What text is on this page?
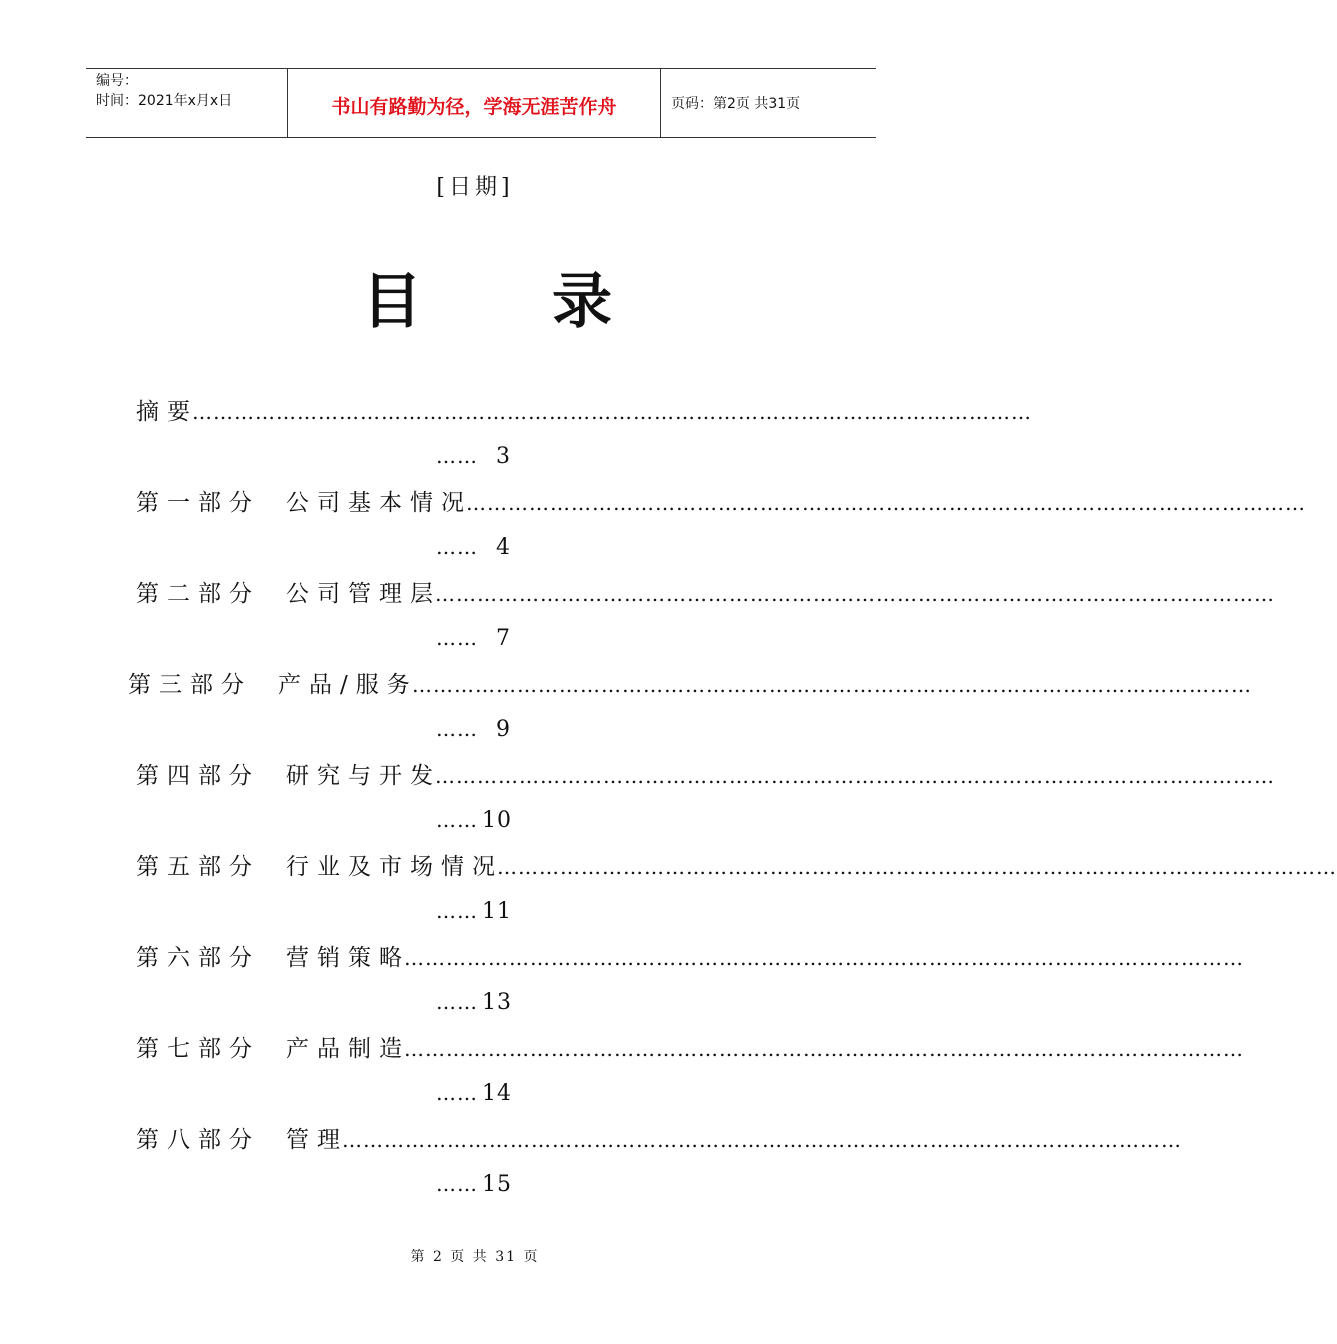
编号：
时间：2021年x月x日	书山有路勤为径，学海无涯苦作舟	页码：第2页 共31页
[日期]
目 录
摘要
…………………………………………………………………………………………………………
…… 3
第一部分 公司基本情况
…………………………………………………………………………………………………………
…… 4
第二部分 公司管理层
…………………………………………………………………………………………………………
…… 7
第三部分 产品/服务
…………………………………………………………………………………………………………
…… 9
第四部分 研究与开发
…………………………………………………………………………………………………………
…… 10
第五部分 行业及市场情况
…………………………………………………………………………………………………………
…… 11
第六部分 营销策略
…………………………………………………………………………………………………………
…… 13
第七部分 产品制造
…………………………………………………………………………………………………………
…… 14
第八部分 管理
…………………………………………………………………………………………………………
…… 15
第 2 页 共 31 页
